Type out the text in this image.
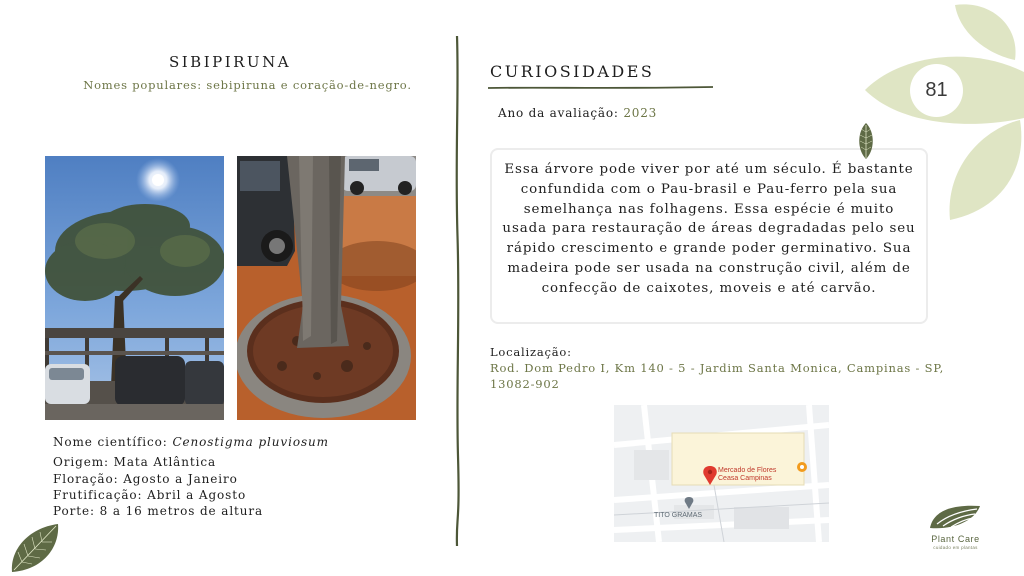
SIBIPIRUNA
Nomes populares: sebipiruna e coração-de-negro.
Nome científico: Cenostigma pluviosum
Origem: Mata Atlântica
Floração: Agosto a Janeiro
Frutificação: Abril a Agosto
Porte: 8 a 16 metros de altura
CURIOSIDADES
Ano da avaliação: 2023
Essa árvore pode viver por até um século. É bastante confundida com o Pau-brasil e Pau-ferro pela sua semelhança nas folhagens. Essa espécie é muito usada para restauração de áreas degradadas pelo seu rápido crescimento e grande poder germinativo. Sua madeira pode ser usada na construção civil, além de confecção de caixotes, moveis e até carvão.
Localização:
Rod. Dom Pedro I, Km 140 - 5 - Jardim Santa Monica, Campinas - SP, 13082-902
Mercado de Flores
Ceasa Campinas
TITO GRAMAS
81
Plant Care
cuidado em plantas
